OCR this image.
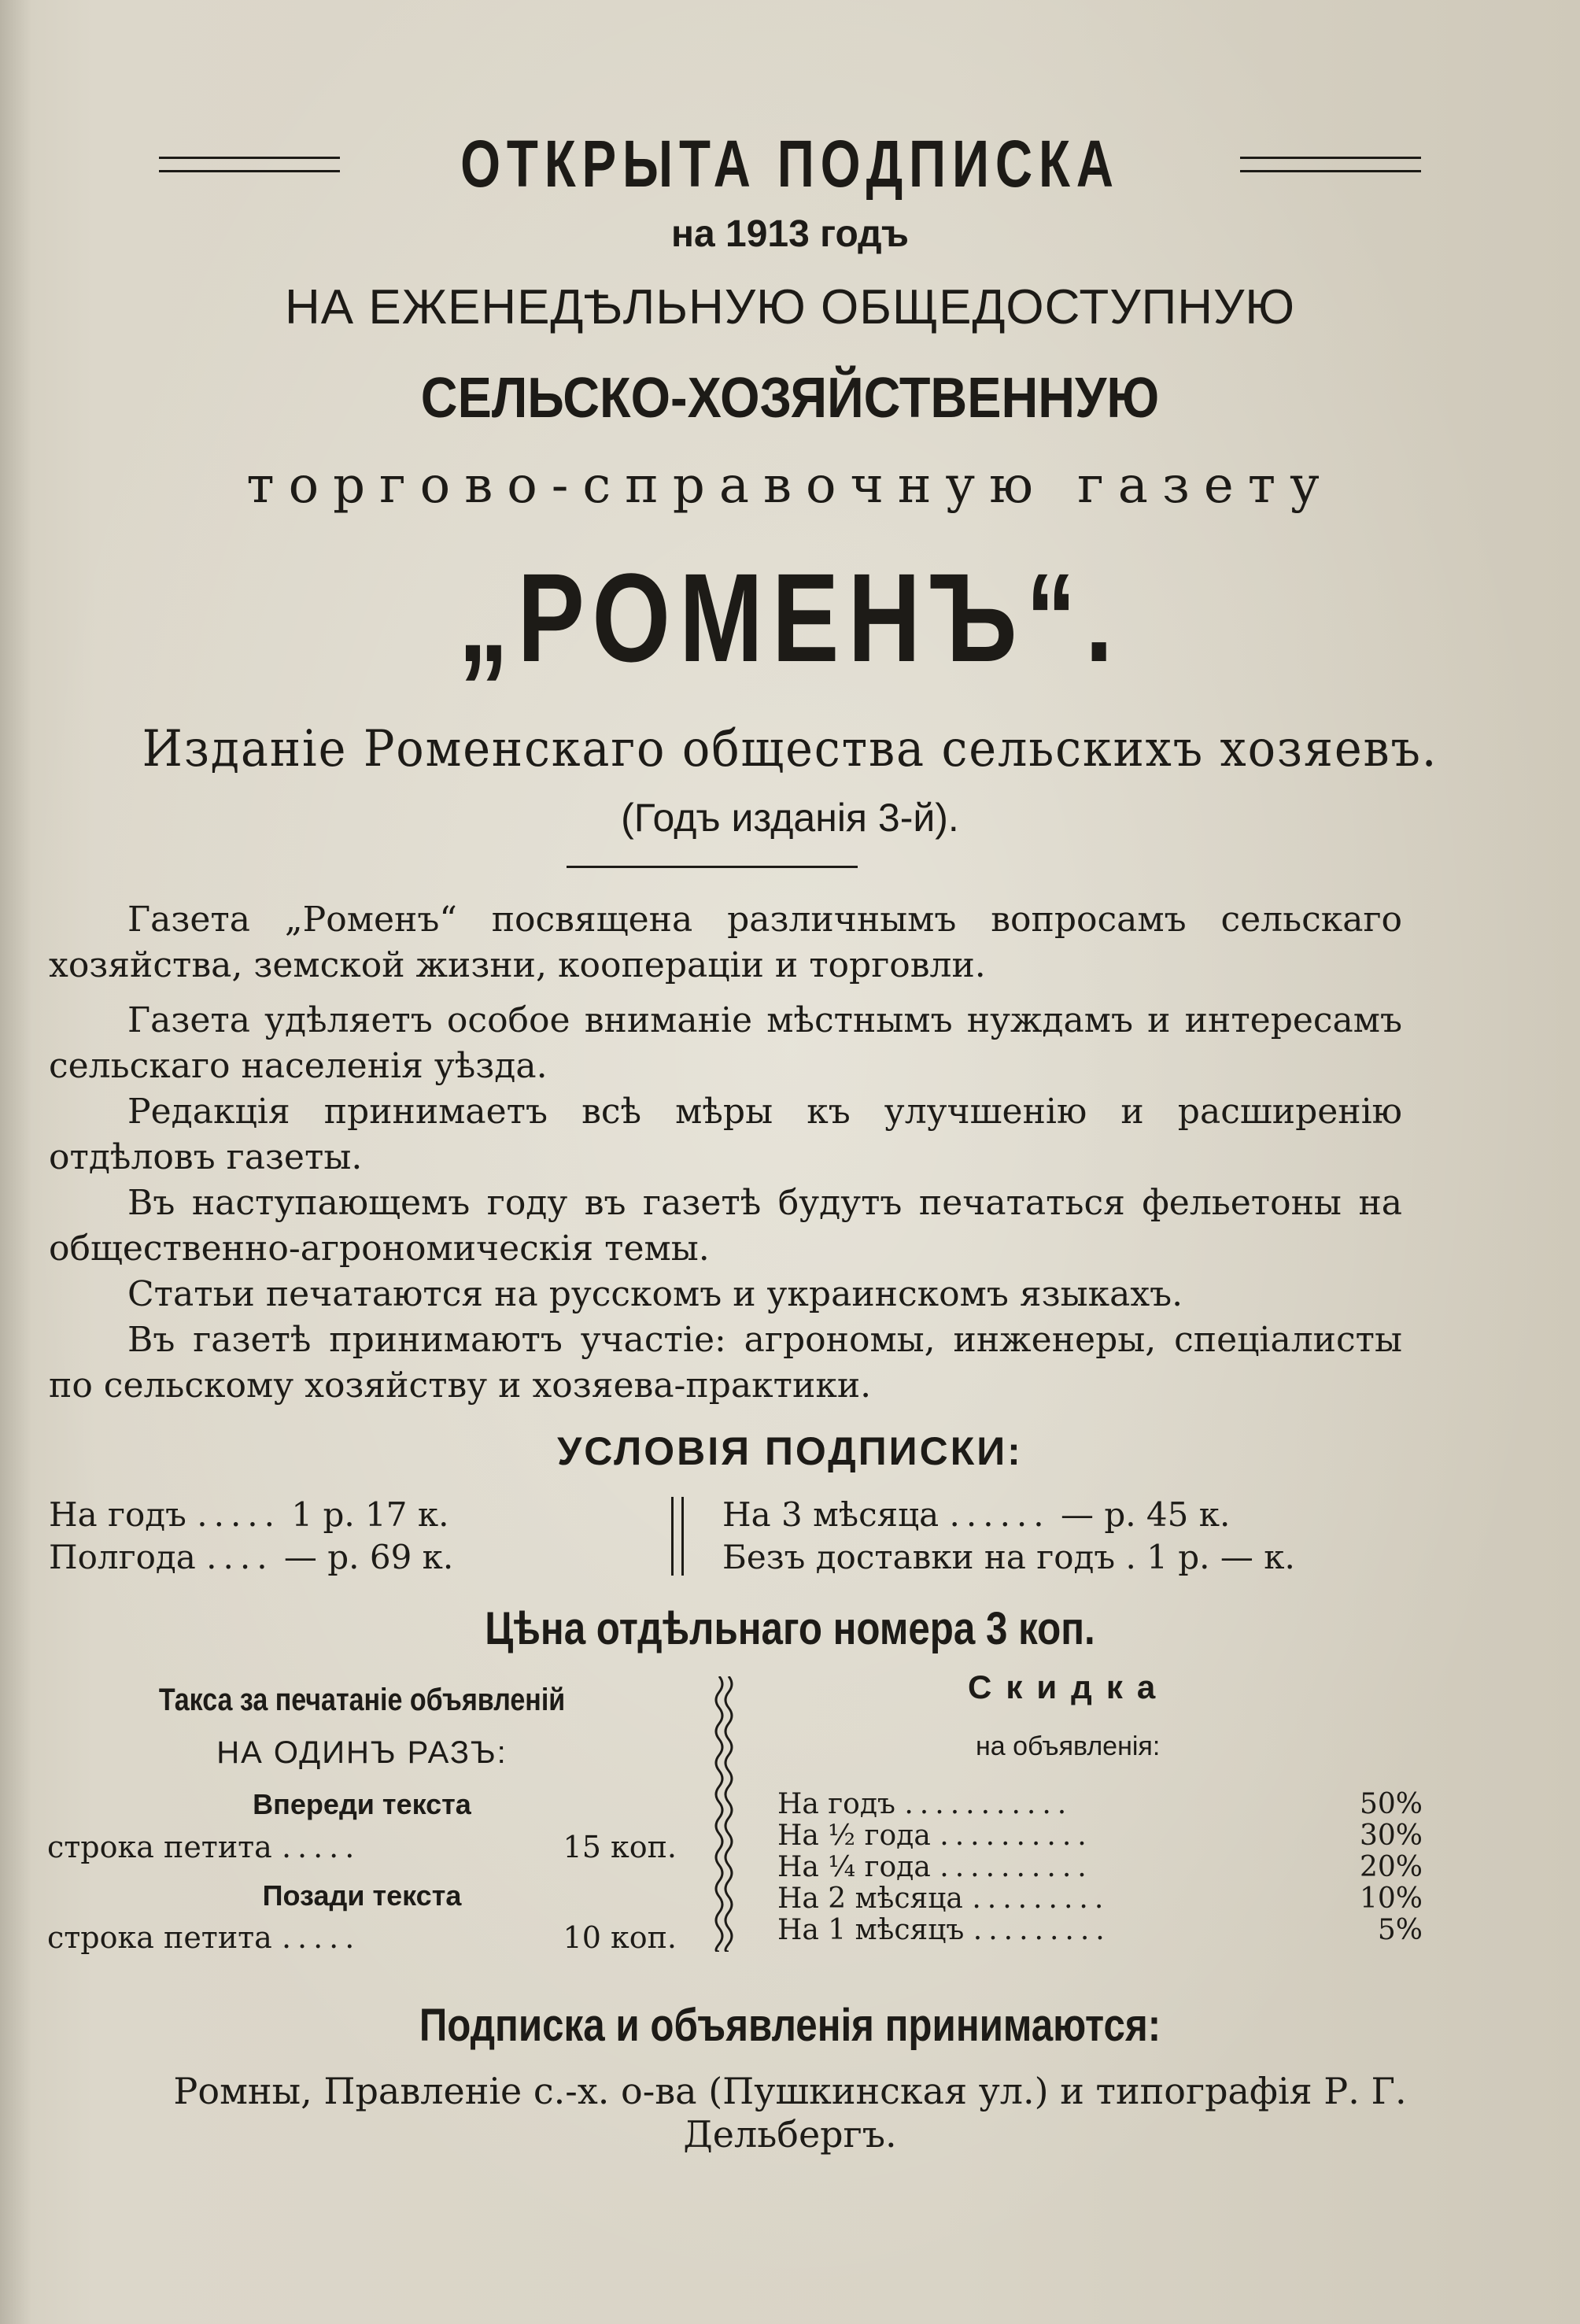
ОТКРЫТА ПОДПИСКА
на 1913 годъ
НА ЕЖЕНЕДѢЛЬНУЮ ОБЩЕДОСТУПНУЮ
СЕЛЬСКО-ХОЗЯЙСТВЕННУЮ
торгово-справочную газету
„РОМЕНЪ“.
Изданіе Роменскаго общества сельскихъ хозяевъ.
(Годъ изданія 3-й).
Газета „Роменъ“ посвящена различнымъ вопросамъ сельскаго хозяйства, земской жизни, коопераціи и торговли.
Газета удѣляетъ особое вниманіе мѣстнымъ нуждамъ и интересамъ сельскаго населенія уѣзда.
Редакція принимаетъ всѣ мѣры къ улучшенію и расширенію отдѣловъ газеты.
Въ наступающемъ году въ газетѣ будутъ печататься фельетоны на общественно-агрономическія темы.
Статьи печатаются на русскомъ и украинскомъ языкахъ.
Въ газетѣ принимаютъ участіе: агрономы, инженеры, спеціалисты по сельскому хозяйству и хозяева-практики.
УСЛОВІЯ ПОДПИСКИ:
На годъ ..... 1 р. 17 к.
Полгода .... — р. 69 к.
На 3 мѣсяца ...... — р. 45 к.
Безъ доставки на годъ . 1 р. — к.
Цѣна отдѣльнаго номера 3 коп.
Такса за печатаніе объявленій
НА ОДИНЪ РАЗЪ:
Впереди текста
строка петита .....	15 коп.
Позади текста
строка петита .....	10 коп.
Скидка
на объявленія:
На годъ ...........	50%
На ½ года ..........	30%
На ¼ года ..........	20%
На 2 мѣсяца .........	10%
На 1 мѣсяцъ .........	5%
Подписка и объявленія принимаются:
Ромны, Правленіе с.-х. о-ва (Пушкинская ул.) и типографія Р. Г.
Дельбергъ.
